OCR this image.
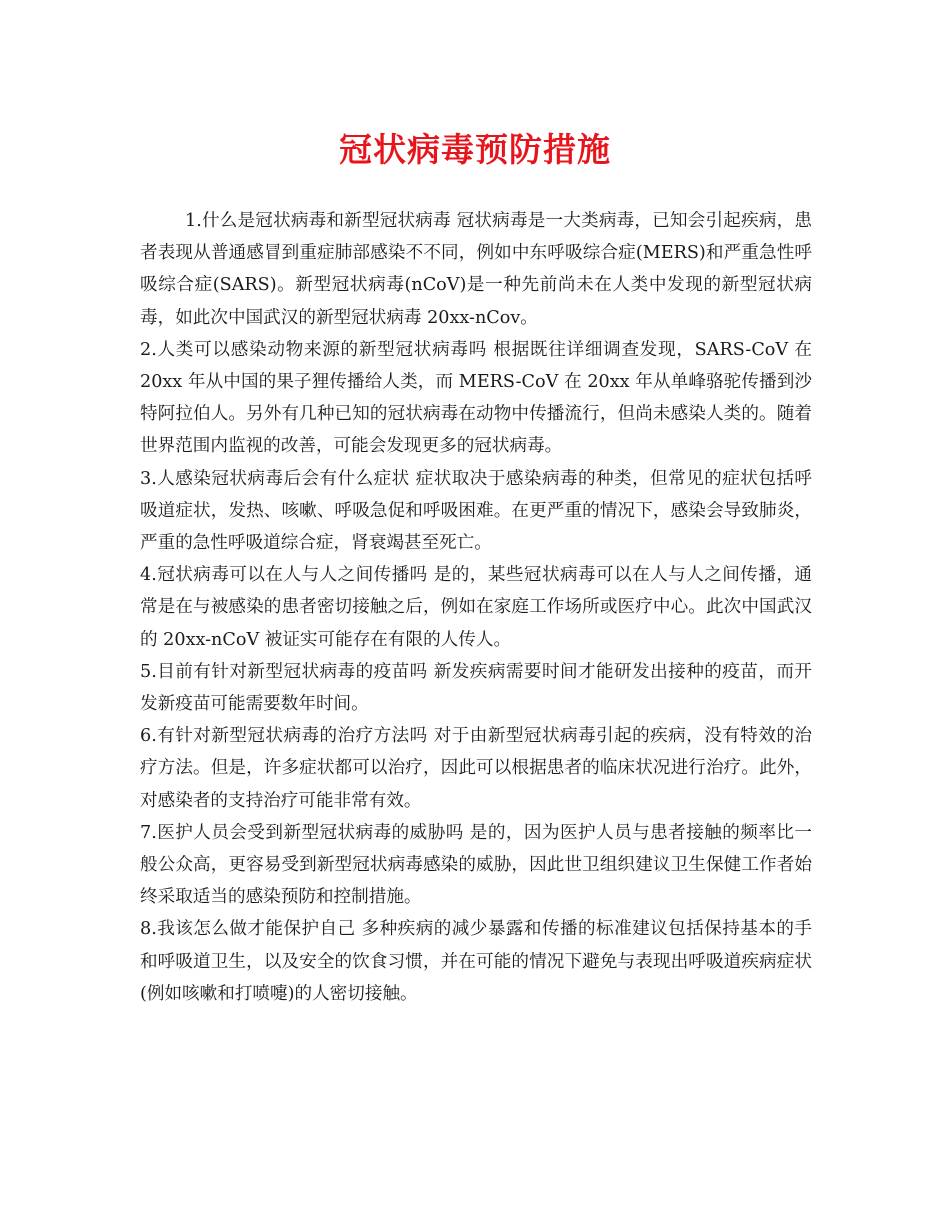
冠状病毒预防措施

1.什么是冠状病毒和新型冠状病毒 冠状病毒是一大类病毒，已知会引起疾病，患者表现从普通感冒到重症肺部感染不不同，例如中东呼吸综合症(MERS)和严重急性呼吸综合症(SARS)。新型冠状病毒(nCoV)是一种先前尚未在人类中发现的新型冠状病毒，如此次中国武汉的新型冠状病毒 20xx-nCov。

2.人类可以感染动物来源的新型冠状病毒吗 根据既往详细调查发现，SARS-CoV 在 20xx 年从中国的果子狸传播给人类，而 MERS-CoV 在 20xx 年从单峰骆驼传播到沙特阿拉伯人。另外有几种已知的冠状病毒在动物中传播流行，但尚未感染人类的。随着世界范围内监视的改善，可能会发现更多的冠状病毒。

3.人感染冠状病毒后会有什么症状 症状取决于感染病毒的种类，但常见的症状包括呼吸道症状，发热、咳嗽、呼吸急促和呼吸困难。在更严重的情况下，感染会导致肺炎，严重的急性呼吸道综合症，肾衰竭甚至死亡。

4.冠状病毒可以在人与人之间传播吗 是的，某些冠状病毒可以在人与人之间传播，通常是在与被感染的患者密切接触之后，例如在家庭工作场所或医疗中心。此次中国武汉的 20xx-nCoV 被证实可能存在有限的人传人。

5.目前有针对新型冠状病毒的疫苗吗 新发疾病需要时间才能研发出接种的疫苗，而开发新疫苗可能需要数年时间。

6.有针对新型冠状病毒的治疗方法吗 对于由新型冠状病毒引起的疾病，没有特效的治疗方法。但是，许多症状都可以治疗，因此可以根据患者的临床状况进行治疗。此外，对感染者的支持治疗可能非常有效。

7.医护人员会受到新型冠状病毒的威胁吗 是的，因为医护人员与患者接触的频率比一般公众高，更容易受到新型冠状病毒感染的威胁，因此世卫组织建议卫生保健工作者始终采取适当的感染预防和控制措施。

8.我该怎么做才能保护自己 多种疾病的减少暴露和传播的标准建议包括保持基本的手和呼吸道卫生，以及安全的饮食习惯，并在可能的情况下避免与表现出呼吸道疾病症状(例如咳嗽和打喷嚏)的人密切接触。
